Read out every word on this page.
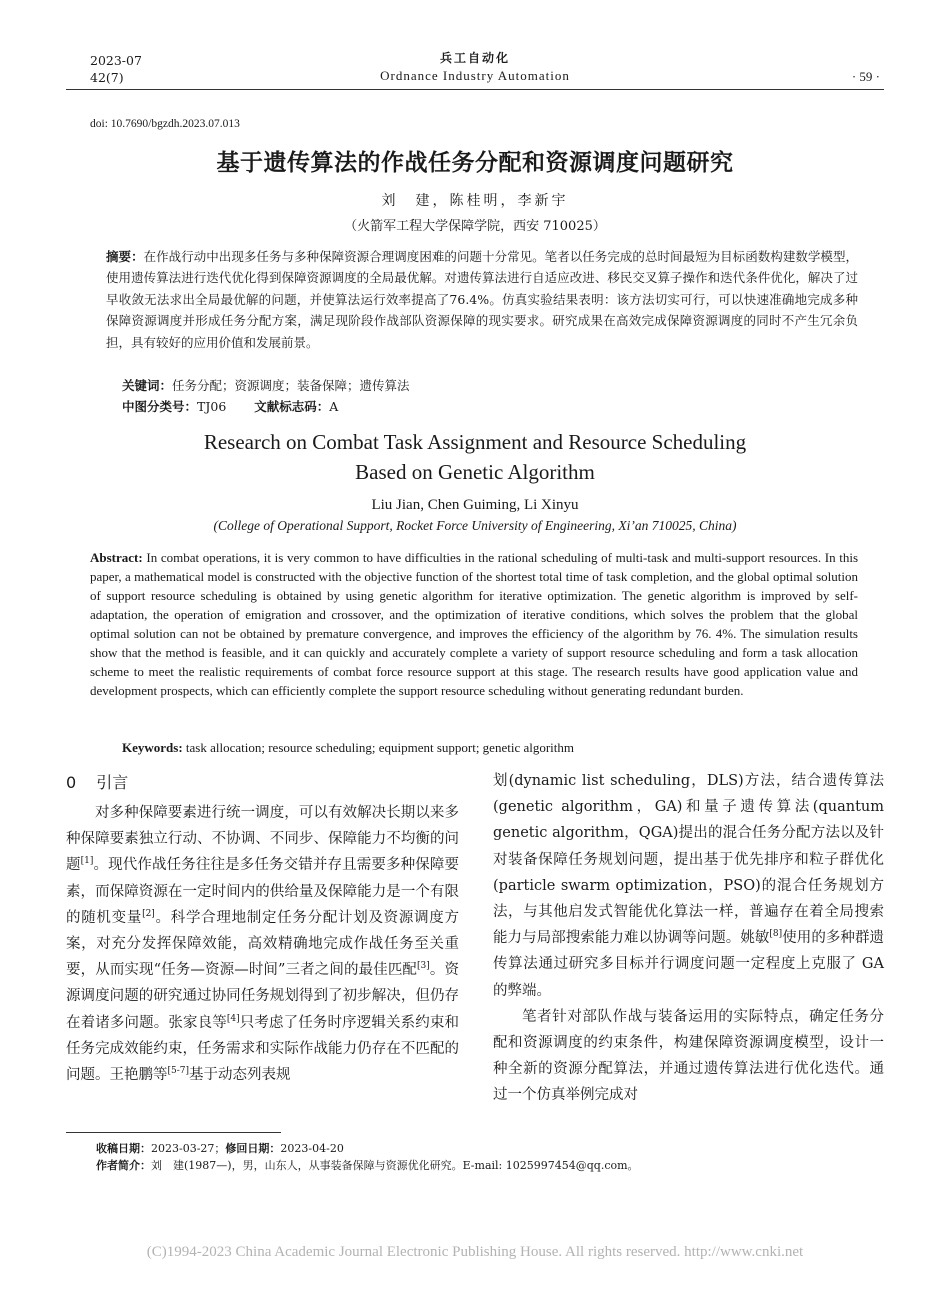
2023-07
42(7)
兵工自动化
Ordnance Industry Automation	· 59 ·
doi: 10.7690/bgzdh.2023.07.013
基于遗传算法的作战任务分配和资源调度问题研究
刘　建，陈桂明，李新宇
（火箭军工程大学保障学院，西安 710025）
摘要：在作战行动中出现多任务与多种保障资源合理调度困难的问题十分常见。笔者以任务完成的总时间最短为目标函数构建数学模型，使用遗传算法进行迭代优化得到保障资源调度的全局最优解。对遗传算法进行自适应改进、移民交叉算子操作和迭代条件优化，解决了过早收敛无法求出全局最优解的问题，并使算法运行效率提高了76.4%。仿真实验结果表明：该方法切实可行，可以快速准确地完成多种保障资源调度并形成任务分配方案，满足现阶段作战部队资源保障的现实要求。研究成果在高效完成保障资源调度的同时不产生冗余负担，具有较好的应用价值和发展前景。
关键词：任务分配；资源调度；装备保障；遗传算法
中图分类号：TJ06 文献标志码：A
Research on Combat Task Assignment and Resource Scheduling
Based on Genetic Algorithm
Liu Jian, Chen Guiming, Li Xinyu
(College of Operational Support, Rocket Force University of Engineering, Xi’an 710025, China)
Abstract: In combat operations, it is very common to have difficulties in the rational scheduling of multi-task and multi-support resources. In this paper, a mathematical model is constructed with the objective function of the shortest total time of task completion, and the global optimal solution of support resource scheduling is obtained by using genetic algorithm for iterative optimization. The genetic algorithm is improved by self-adaptation, the operation of emigration and crossover, and the optimization of iterative conditions, which solves the problem that the global optimal solution can not be obtained by premature convergence, and improves the efficiency of the algorithm by 76. 4%. The simulation results show that the method is feasible, and it can quickly and accurately complete a variety of support resource scheduling and form a task allocation scheme to meet the realistic requirements of combat force resource support at this stage. The research results have good application value and development prospects, which can efficiently complete the support resource scheduling without generating redundant burden.
Keywords: task allocation; resource scheduling; equipment support; genetic algorithm
0 引言

对多种保障要素进行统一调度，可以有效解决长期以来多种保障要素独立行动、不协调、不同步、保障能力不均衡的问题[1]。现代作战任务往往是多任务交错并存且需要多种保障要素，而保障资源在一定时间内的供给量及保障能力是一个有限的随机变量[2]。科学合理地制定任务分配计划及资源调度方案，对充分发挥保障效能，高效精确地完成作战任务至关重要，从而实现“任务—资源—时间”三者之间的最佳匹配[3]。资源调度问题的研究通过协同任务规划得到了初步解决，但仍存在着诸多问题。张家良等[4]只考虑了任务时序逻辑关系约束和任务完成效能约束，任务需求和实际作战能力仍存在不匹配的问题。王艳鹏等[5-7]基于动态列表规

划(dynamic list scheduling，DLS)方法，结合遗传算法(genetic algorithm，GA)和量子遗传算法(quantum genetic algorithm，QGA)提出的混合任务分配方法以及针对装备保障任务规划问题，提出基于优先排序和粒子群优化(particle swarm optimization，PSO)的混合任务规划方法，与其他启发式智能优化算法一样，普遍存在着全局搜索能力与局部搜索能力难以协调等问题。姚敏[8]使用的多种群遗传算法通过研究多目标并行调度问题一定程度上克服了 GA 的弊端。

笔者针对部队作战与装备运用的实际特点，确定任务分配和资源调度的约束条件，构建保障资源调度模型，设计一种全新的资源分配算法，并通过遗传算法进行优化迭代。通过一个仿真举例完成对

收稿日期：2023-03-27；修回日期：2023-04-20
作者简介：刘　建(1987—)，男，山东人，从事装备保障与资源优化研究。E-mail: 1025997454@qq.com。
(C)1994-2023 China Academic Journal Electronic Publishing House. All rights reserved. http://www.cnki.net
